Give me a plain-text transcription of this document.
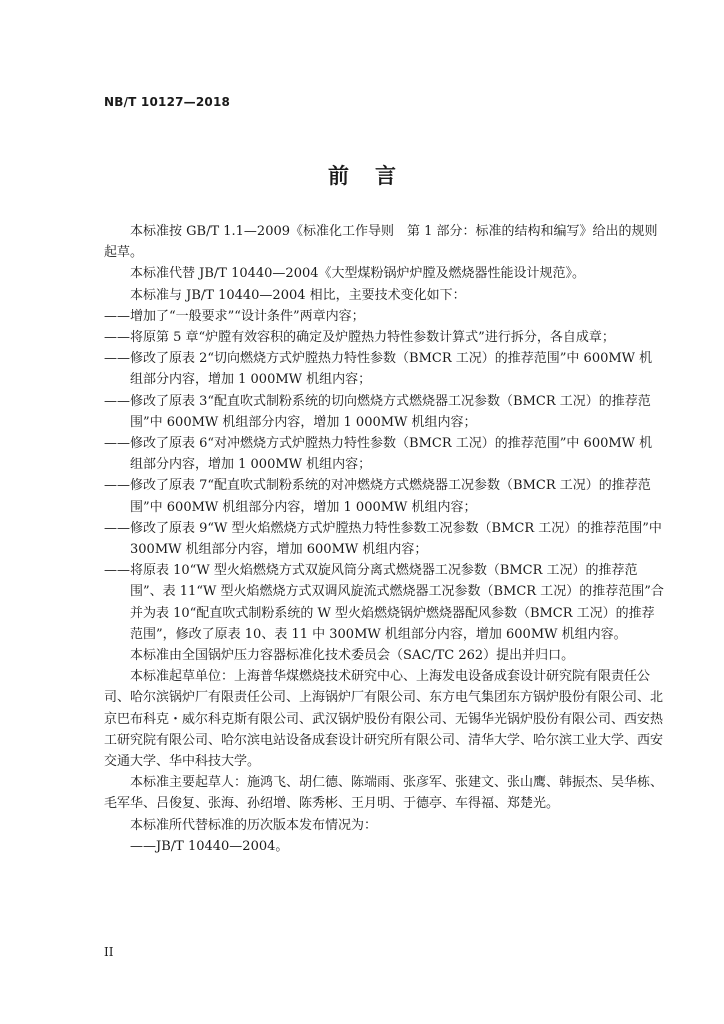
NB/T 10127—2018
前言

本标准按 GB/T 1.1—2009《标准化工作导则　第 1 部分：标准的结构和编写》给出的规则起草。

本标准代替 JB/T 10440—2004《大型煤粉锅炉炉膛及燃烧器性能设计规范》。

本标准与 JB/T 10440—2004 相比，主要技术变化如下：

——增加了“一般要求”“设计条件”两章内容；

——将原第 5 章“炉膛有效容积的确定及炉膛热力特性参数计算式”进行拆分，各自成章；

——修改了原表 2“切向燃烧方式炉膛热力特性参数（BMCR 工况）的推荐范围”中 600MW 机组部分内容，增加 1 000MW 机组内容；

——修改了原表 3“配直吹式制粉系统的切向燃烧方式燃烧器工况参数（BMCR 工况）的推荐范围”中 600MW 机组部分内容，增加 1 000MW 机组内容；

——修改了原表 6“对冲燃烧方式炉膛热力特性参数（BMCR 工况）的推荐范围”中 600MW 机组部分内容，增加 1 000MW 机组内容；

——修改了原表 7“配直吹式制粉系统的对冲燃烧方式燃烧器工况参数（BMCR 工况）的推荐范围”中 600MW 机组部分内容，增加 1 000MW 机组内容；

——修改了原表 9“W 型火焰燃烧方式炉膛热力特性参数工况参数（BMCR 工况）的推荐范围”中 300MW 机组部分内容，增加 600MW 机组内容；

——将原表 10“W 型火焰燃烧方式双旋风筒分离式燃烧器工况参数（BMCR 工况）的推荐范围”、表 11“W 型火焰燃烧方式双调风旋流式燃烧器工况参数（BMCR 工况）的推荐范围”合并为表 10“配直吹式制粉系统的 W 型火焰燃烧锅炉燃烧器配风参数（BMCR 工况）的推荐范围”，修改了原表 10、表 11 中 300MW 机组部分内容，增加 600MW 机组内容。

本标准由全国锅炉压力容器标准化技术委员会（SAC/TC 262）提出并归口。

本标准起草单位：上海普华煤燃烧技术研究中心、上海发电设备成套设计研究院有限责任公司、哈尔滨锅炉厂有限责任公司、上海锅炉厂有限公司、东方电气集团东方锅炉股份有限公司、北京巴布科克・威尔科克斯有限公司、武汉锅炉股份有限公司、无锡华光锅炉股份有限公司、西安热工研究院有限公司、哈尔滨电站设备成套设计研究所有限公司、清华大学、哈尔滨工业大学、西安交通大学、华中科技大学。

本标准主要起草人：施鸿飞、胡仁德、陈端雨、张彦军、张建文、张山鹰、韩振杰、吴华栋、毛军华、吕俊复、张海、孙绍增、陈秀彬、王月明、于德亭、车得福、郑楚光。

本标准所代替标准的历次版本发布情况为：

——JB/T 10440—2004。

II
